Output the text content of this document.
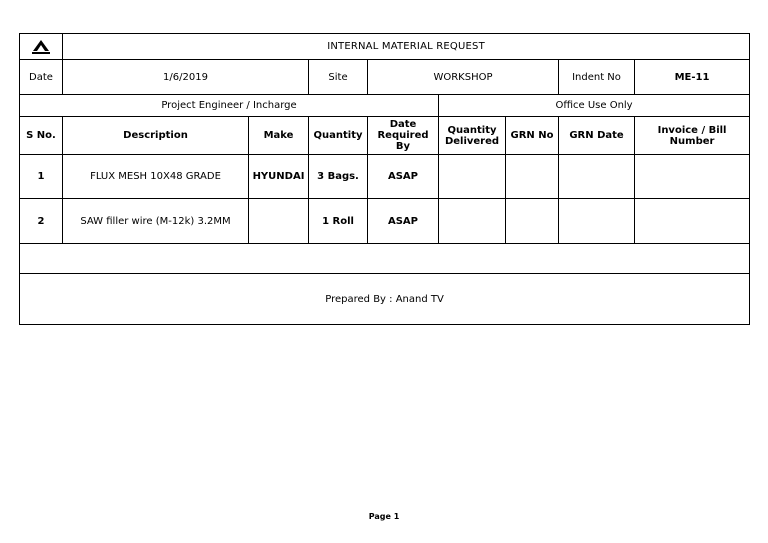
	INTERNAL MATERIAL REQUEST							
Date	1/6/2019		Site	WORKSHOP			Indent No	ME-11
Project Engineer / Incharge					Office Use Only			
S No.	Description	Make	Quantity	Date Required By	Quantity Delivered	GRN No	GRN Date	Invoice / Bill Number
1	FLUX MESH 10X48 GRADE	HYUNDAI	3 Bags.	ASAP				
2	SAW filler wire (M-12k) 3.2MM		1 Roll	ASAP				

Prepared By : Anand TV								
Page 1
